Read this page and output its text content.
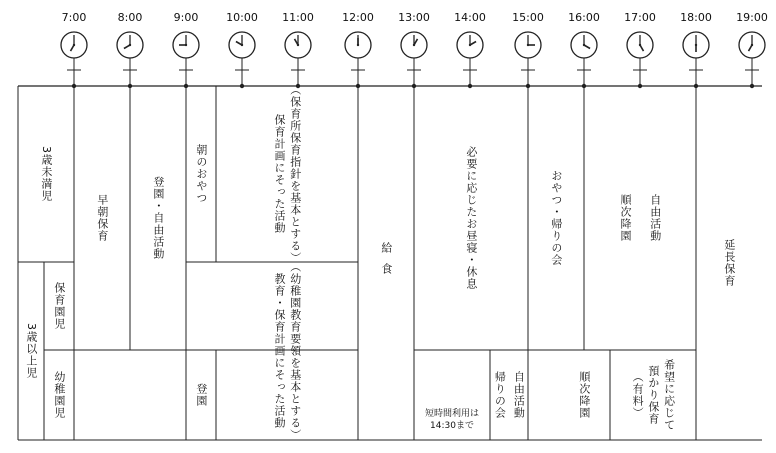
7:00	8:00	9:00	10:00	11:00	12:00	13:00	14:00	15:00	16:00	17:00	18:00	19:00
3歳未満児
3歳以上児
保育園児
幼稚園児
早朝保育	登園・自由活動
朝のおやつ
登園
（保育所保育指針を基本とする）
保育計画にそった活動
（幼稚園教育要領を基本とする）
教育・保育計画にそった活動
給食	必要に応じたお昼寝・休息
短時間利用は
14:30まで
帰りの会 自由活動
おやつ・帰りの会	自由活動
順次降園
順次降園	希望に応じて
預かり保育
（有料）
延長保育
